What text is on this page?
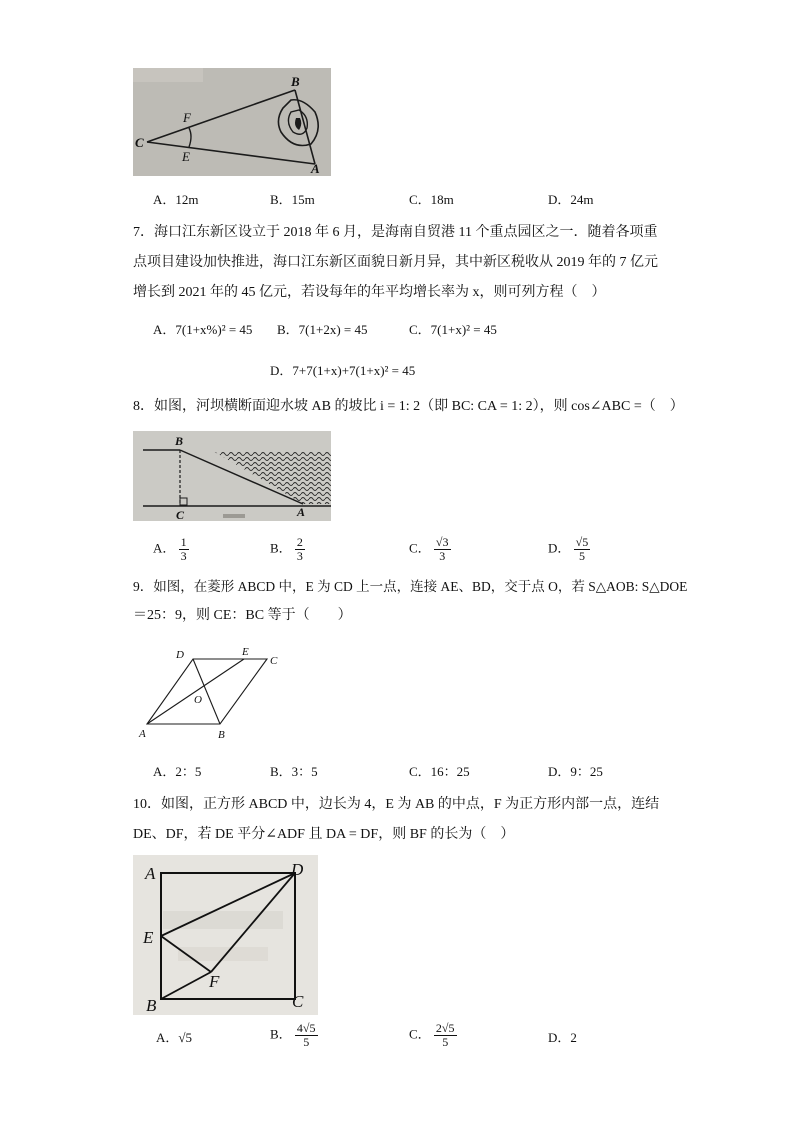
B
C
F
E
A
A．12m	B．15m	C．18m	D．24m
7．海口江东新区设立于 2018 年 6 月，是海南自贸港 11 个重点园区之一．随着各项重
点项目建设加快推进，海口江东新区面貌日新月异，其中新区税收从 2019 年的 7 亿元
增长到 2021 年的 45 亿元，若设每年的年平均增长率为 x，则可列方程（　）
A．7(1+x%)² = 45 B．7(1+2x) = 45	C．7(1+x)² = 45
D．7+7(1+x)+7(1+x)² = 45
8．如图，河坝横断面迎水坡 AB 的坡比 i = 1: 2（即 BC: CA = 1: 2），则 cos∠ABC =（　）
B
C	A
A． $\frac{1}{3}$	B． $\frac{2}{3}$	C． $\frac{√3}{3}$	D． $\frac{√5}{5}$
9．如图，在菱形 ABCD 中，E 为 CD 上一点，连接 AE、BD，交于点 O，若 S△AOB: S△DOE
＝25：9，则 CE：BC 等于（　　）
D	E
C
O
A	B
A．2：5	B．3：5	C．16：25	D．9：25
10．如图，正方形 ABCD 中，边长为 4，E 为 AB 的中点，F 为正方形内部一点，连结
DE、DF，若 DE 平分∠ADF 且 DA = DF，则 BF 的长为（　）
A	D
E
F
B	C
A．√5	B． $\frac{4√5}{5}$	C． $\frac{2√5}{5}$	D．2
